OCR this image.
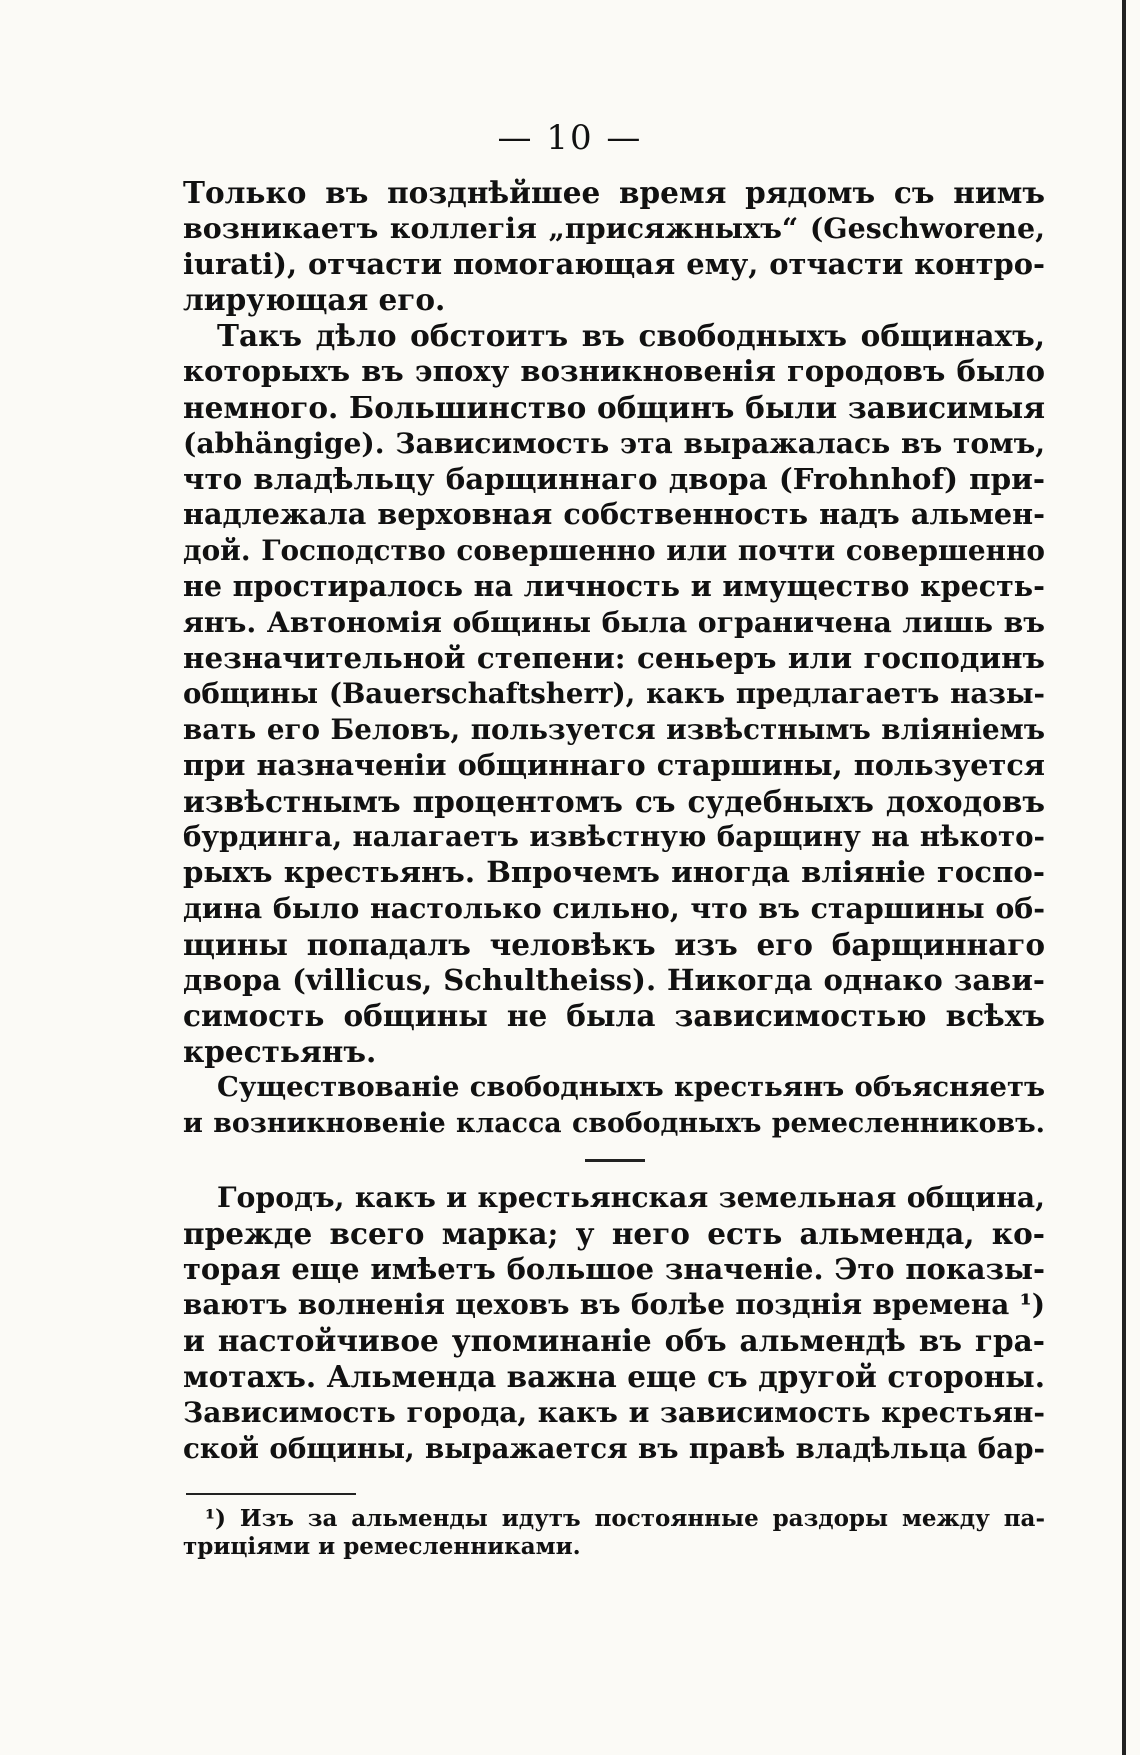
— 10 —
Только въ позднѣйшее время рядомъ съ нимъ
возникаетъ коллегія „присяжныхъ“ (Geschworene,
iurati), отчасти помогающая ему, отчасти контро-
лирующая его.
Такъ дѣло обстоитъ въ свободныхъ общинахъ,
которыхъ въ эпоху возникновенія городовъ было
немного. Большинство общинъ были зависимыя
(abhängige). Зависимость эта выражалась въ томъ,
что владѣльцу барщиннаго двора (Frohnhof) при-
надлежала верховная собственность надъ альмен-
дой. Господство совершенно или почти совершенно
не простиралось на личность и имущество кресть-
янъ. Автономія общины была ограничена лишь въ
незначительной степени: сеньеръ или господинъ
общины (Bauerschaftsherr), какъ предлагаетъ назы-
вать его Беловъ, пользуется извѣстнымъ вліяніемъ
при назначеніи общиннаго старшины, пользуется
извѣстнымъ процентомъ съ судебныхъ доходовъ
бурдинга, налагаетъ извѣстную барщину на нѣкото-
рыхъ крестьянъ. Впрочемъ иногда вліяніе госпо-
дина было настолько сильно, что въ старшины об-
щины попадалъ человѣкъ изъ его барщиннаго
двора (villicus, Schultheiss). Никогда однако зави-
симость общины не была зависимостью всѣхъ
крестьянъ.
Существованіе свободныхъ крестьянъ объясняетъ
и возникновеніе класса свободныхъ ремесленниковъ.
Городъ, какъ и крестьянская земельная община,
прежде всего марка; у него есть альменда, ко-
торая еще имѣетъ большое значеніе. Это показы-
ваютъ волненія цеховъ въ болѣе позднія времена ¹)
и настойчивое упоминаніе объ альмендѣ въ гра-
мотахъ. Альменда важна еще съ другой стороны.
Зависимость города, какъ и зависимость крестьян-
ской общины, выражается въ правѣ владѣльца бар-
¹) Изъ за альменды идутъ постоянные раздоры между па-
триціями и ремесленниками.
